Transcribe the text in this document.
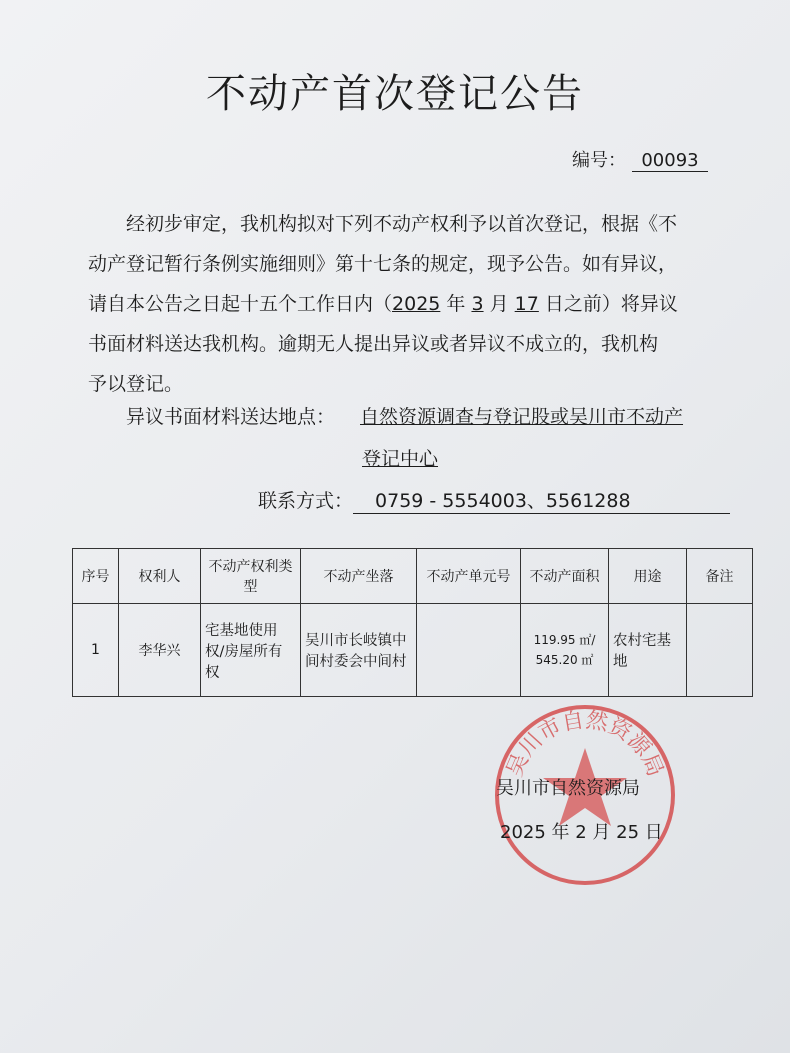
不动产首次登记公告
编号： 00093

经初步审定，我机构拟对下列不动产权利予以首次登记，根据《不

动产登记暂行条例实施细则》第十七条的规定，现予公告。如有异议，

请自本公告之日起十五个工作日内（2025 年 3 月 17 日之前）将异议

书面材料送达我机构。逾期无人提出异议或者异议不成立的，我机构

予以登记。

异议书面材料送达地点： 自然资源调查与登记股或吴川市不动产
登记中心
联系方式： 0759 - 5554003、5561288
序号	权利人	不动产权利类型	不动产坐落	不动产单元号	不动产面积	用途	备注
1	李华兴	宅基地使用权/房屋所有权	吴川市长岐镇中间村委会中间村		119.95 ㎡/
545.20 ㎡	农村宅基地	
吴川市自然资源局
吴川市自然资源局
2025 年 2 月 25 日
